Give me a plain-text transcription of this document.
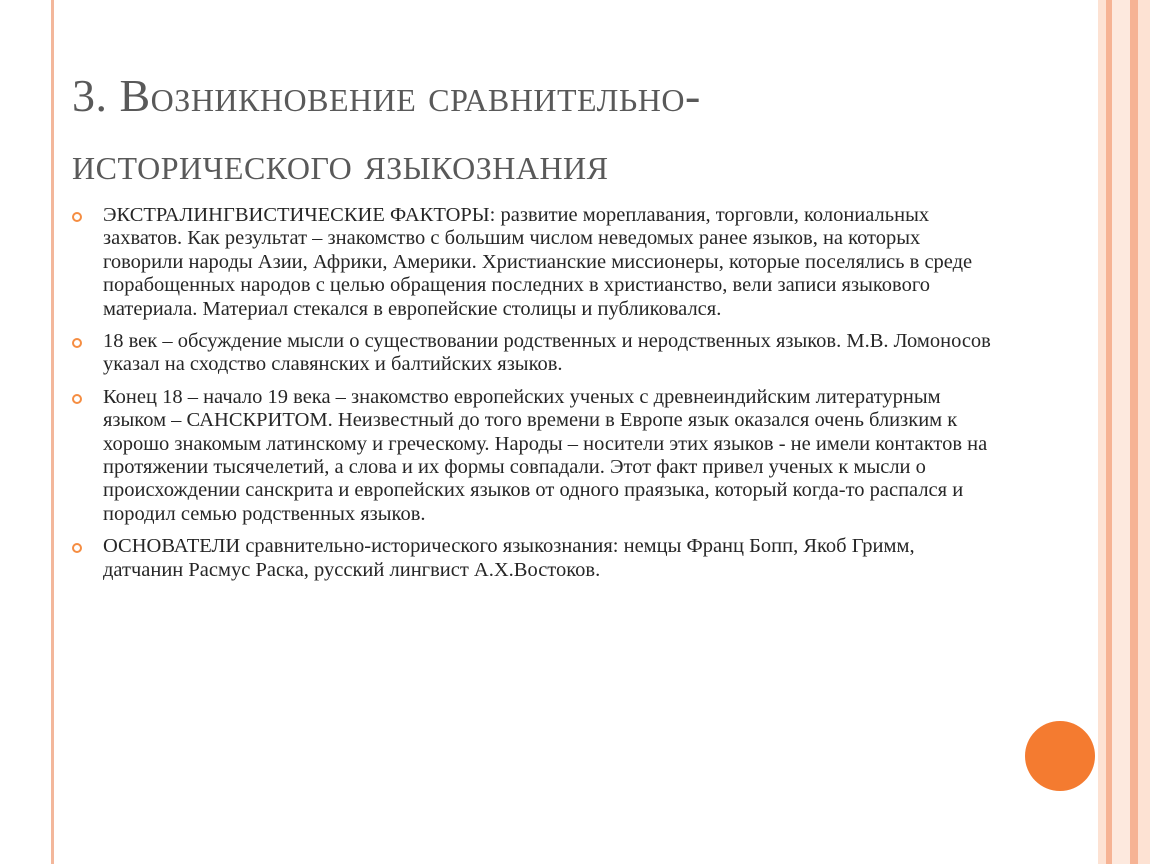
3. Возникновение сравнительно-
исторического языкознания
ЭКСТРАЛИНГВИСТИЧЕСКИЕ ФАКТОРЫ: развитие мореплавания, торговли, колониальных захватов. Как результат – знакомство с большим числом неведомых ранее языков, на которых говорили народы Азии, Африки, Америки. Христианские миссионеры, которые поселялись в среде порабощенных народов с целью обращения последних в христианство, вели записи языкового материала. Материал стекался в европейские столицы и публиковался.
18 век – обсуждение мысли о существовании родственных и неродственных языков. М.В. Ломоносов указал на сходство славянских и балтийских языков.
Конец 18 – начало 19 века – знакомство европейских ученых с древнеиндийским литературным языком – САНСКРИТОМ. Неизвестный до того времени в Европе язык оказался очень близким к хорошо знакомым латинскому и греческому. Народы – носители этих языков - не имели контактов на протяжении тысячелетий, а слова и их формы совпадали. Этот факт привел ученых к мысли о происхождении санскрита и европейских языков от одного праязыка, который когда-то распался и породил семью родственных языков.
ОСНОВАТЕЛИ сравнительно-исторического языкознания: немцы Франц Бопп, Якоб Гримм, датчанин Расмус Раска, русский лингвист А.Х.Востоков.
